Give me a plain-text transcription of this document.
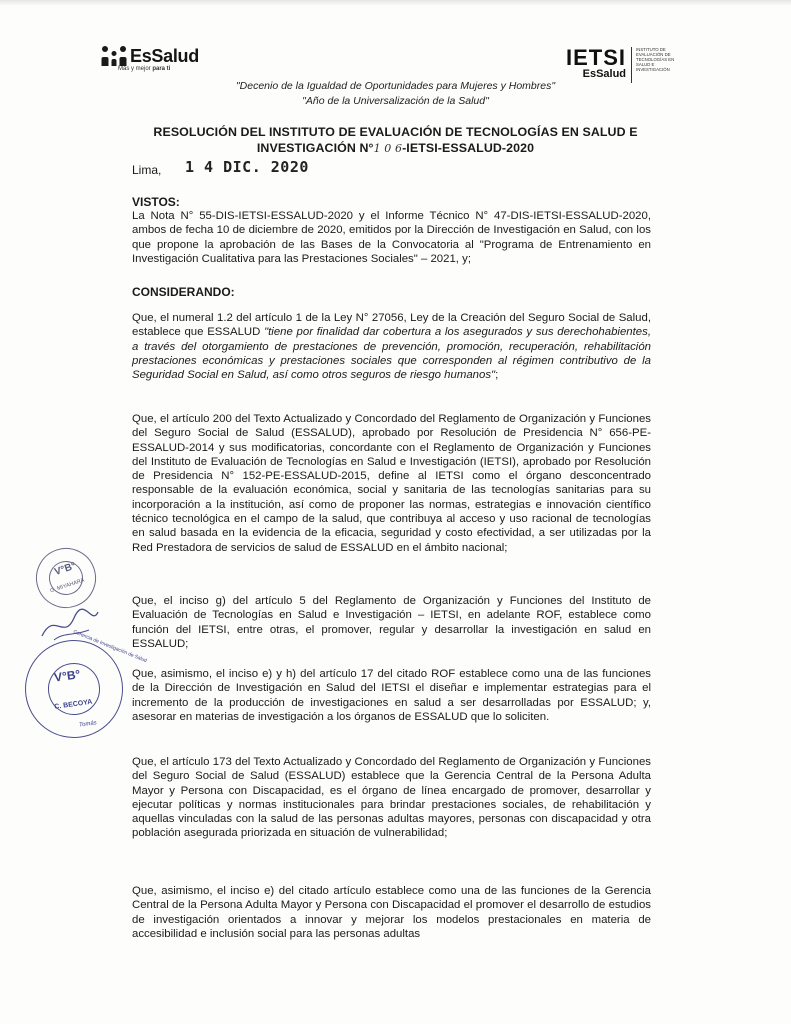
EsSalud
Más y mejor para ti	IETSI
EsSalud
INSTITUTO DE
EVALUACIÓN DE
TECNOLOGÍAS EN
SALUD E
INVESTIGACIÓN
"Decenio de la Igualdad de Oportunidades para Mujeres y Hombres"
"Año de la Universalización de la Salud"
RESOLUCIÓN DEL INSTITUTO DE EVALUACIÓN DE TECNOLOGÍAS EN SALUD E
INVESTIGACIÓN N°1 0 6-IETSI-ESSALUD-2020
Lima, 1 4 DIC. 2020
VISTOS:
La Nota N° 55-DIS-IETSI-ESSALUD-2020 y el Informe Técnico N° 47-DIS-IETSI-ESSALUD-2020, ambos de fecha 10 de diciembre de 2020, emitidos por la Dirección de Investigación en Salud, con los que propone la aprobación de las Bases de la Convocatoria al "Programa de Entrenamiento en Investigación Cualitativa para las Prestaciones Sociales" – 2021, y;
CONSIDERANDO:
Que, el numeral 1.2 del artículo 1 de la Ley N° 27056, Ley de la Creación del Seguro Social de Salud, establece que ESSALUD "tiene por finalidad dar cobertura a los asegurados y sus derechohabientes, a través del otorgamiento de prestaciones de prevención, promoción, recuperación, rehabilitación prestaciones económicas y prestaciones sociales que corresponden al régimen contributivo de la Seguridad Social en Salud, así como otros seguros de riesgo humanos";
Que, el artículo 200 del Texto Actualizado y Concordado del Reglamento de Organización y Funciones del Seguro Social de Salud (ESSALUD), aprobado por Resolución de Presidencia N° 656-PE-ESSALUD-2014 y sus modificatorias, concordante con el Reglamento de Organización y Funciones del Instituto de Evaluación de Tecnologías en Salud e Investigación (IETSI), aprobado por Resolución de Presidencia N° 152-PE-ESSALUD-2015, define al IETSI como el órgano desconcentrado responsable de la evaluación económica, social y sanitaria de las tecnologías sanitarias para su incorporación a la institución, así como de proponer las normas, estrategias e innovación científico técnico tecnológica en el campo de la salud, que contribuya al acceso y uso racional de tecnologías en salud basada en la evidencia de la eficacia, seguridad y costo efectividad, a ser utilizadas por la Red Prestadora de servicios de salud de ESSALUD en el ámbito nacional;
Que, el inciso g) del artículo 5 del Reglamento de Organización y Funciones del Instituto de Evaluación de Tecnologías en Salud e Investigación – IETSI, en adelante ROF, establece como función del IETSI, entre otras, el promover, regular y desarrollar la investigación en salud en ESSALUD;
Que, asimismo, el inciso e) y h) del artículo 17 del citado ROF establece como una de las funciones de la Dirección de Investigación en Salud del IETSI el diseñar e implementar estrategias para el incremento de la producción de investigaciones en salud a ser desarrolladas por ESSALUD; y, asesorar en materias de investigación a los órganos de ESSALUD que lo soliciten.
Que, el artículo 173 del Texto Actualizado y Concordado del Reglamento de Organización y Funciones del Seguro Social de Salud (ESSALUD) establece que la Gerencia Central de la Persona Adulta Mayor y Persona con Discapacidad, es el órgano de línea encargado de promover, desarrollar y ejecutar políticas y normas institucionales para brindar prestaciones sociales, de rehabilitación y aquellas vinculadas con la salud de las personas adultas mayores, personas con discapacidad y otra población asegurada priorizada en situación de vulnerabilidad;
Que, asimismo, el inciso e) del citado artículo establece como una de las funciones de la Gerencia Central de la Persona Adulta Mayor y Persona con Discapacidad el promover el desarrollo de estudios de investigación orientados a innovar y mejorar los modelos prestacionales en materia de accesibilidad e inclusión social para las personas adultas
V°B°
G. MIYAHARA
Gerencia de Investigación de Salud
V°B°
C. BECOYA
Tomás
